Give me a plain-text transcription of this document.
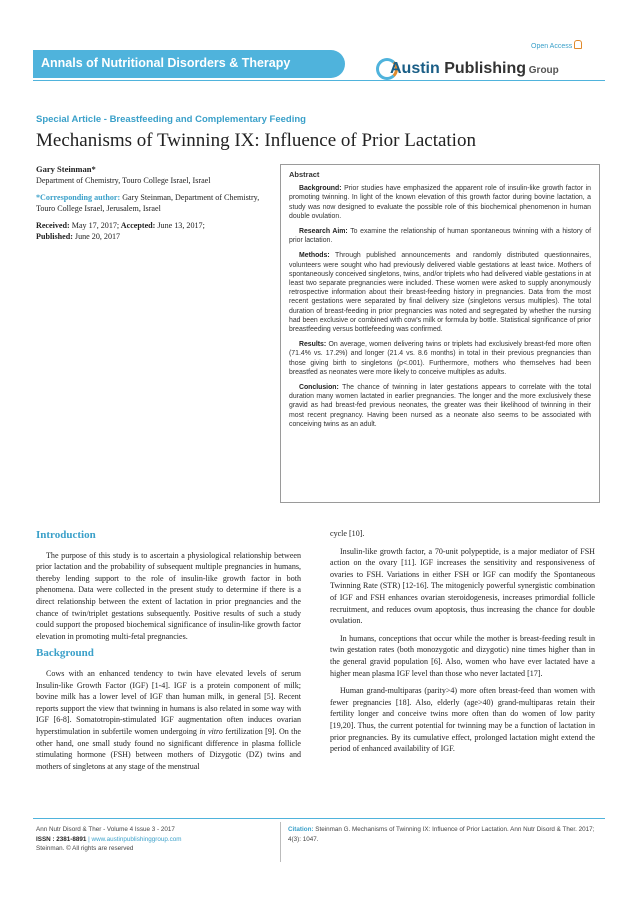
Open Access
Annals of Nutritional Disorders & Therapy	Austin Publishing Group
Special Article - Breastfeeding and Complementary Feeding
Mechanisms of Twinning IX: Influence of Prior Lactation
Gary Steinman*
Department of Chemistry, Touro College Israel, Israel
*Corresponding author: Gary Steinman, Department of Chemistry, Touro College Israel, Jerusalem, Israel
Received: May 17, 2017; Accepted: June 13, 2017;
Published: June 20, 2017
Abstract

Background: Prior studies have emphasized the apparent role of insulin-like growth factor in promoting twinning. In light of the known elevation of this growth factor during bovine lactation, a study was now designed to evaluate the possible role of this biochemical phenomenon in human double ovulation.

Research Aim: To examine the relationship of human spontaneous twinning with a history of prior lactation.

Methods: Through published announcements and randomly distributed questionnaires, volunteers were sought who had previously delivered viable gestations at least twice. Mothers of spontaneously conceived singletons, twins, and/or triplets who had delivered viable gestations in at least two separate pregnancies were included. These women were asked to supply anonymously retrospective information about their breast-feeding history in pregnancies. Data from the most recent gestations were separated by final delivery size (singletons versus multiples). The total duration of breast-feeding in prior pregnancies was noted and segregated by whether the nursing had been exclusive or combined with cow's milk or formula by bottle. Statistical significance of prior breastfeeding versus bottlefeeding was confirmed.

Results: On average, women delivering twins or triplets had exclusively breast-fed more often (71.4% vs. 17.2%) and longer (21.4 vs. 8.6 months) in total in their previous pregnancies than those giving birth to singletons (p<.001). Furthermore, mothers who themselves had been breastfed as neonates were more likely to conceive multiples as adults.

Conclusion: The chance of twinning in later gestations appears to correlate with the total duration many women lactated in earlier pregnancies. The longer and the more exclusively these gravid as had breast-fed previous neonates, the greater was their likelihood of twinning in their most recent pregnancy. Having been nursed as a neonate also seems to be associated with conceiving twins as an adult.

Introduction

The purpose of this study is to ascertain a physiological relationship between prior lactation and the probability of subsequent multiple pregnancies in humans, thereby lending support to the role of insulin-like growth factor in both phenomena. Data were collected in the present study to determine if there is a direct relationship between the extent of lactation in prior pregnancies and the chance of twin/triplet gestations subsequently. Positive results of such a study could support the proposed biochemical significance of insulin-like growth factor elevation in promoting multi-fetal pregnancies.

Background

Cows with an enhanced tendency to twin have elevated levels of serum Insulin-like Growth Factor (IGF) [1-4]. IGF is a protein component of milk; bovine milk has a lower level of IGF than human milk, in general [5]. Recent reports support the view that twinning in humans is also related in some way with IGF [6-8]. Somatotropin-stimulated IGF augmentation often induces ovarian hyperstimulation in subfertile women undergoing in vitro fertilization [9]. On the other hand, one small study found no significant difference in plasma follicle stimulating hormone (FSH) between mothers of Dizygotic (DZ) twins and mothers of singletons at any stage of the menstrual

cycle [10].

Insulin-like growth factor, a 70-unit polypeptide, is a major mediator of FSH action on the ovary [11]. IGF increases the sensitivity and responsiveness of ovaries to FSH. Variations in either FSH or IGF can modify the Spontaneous Twinning Rate (STR) [12-16]. The mitogenicly powerful synergistic combination of IGF and FSH enhances ovarian steroidogenesis, increases primordial follicle recruitment, and reduces ovum apoptosis, thus increasing the chance for double ovulation.

In humans, conceptions that occur while the mother is breast-feeding result in twin gestation rates (both monozygotic and dizygotic) nine times higher than in the general gravid population [6]. Also, women who have ever lactated have a higher mean plasma IGF level than those who never lactated [17].

Human grand-multiparas (parity>4) more often breast-feed than women with fewer pregnancies [18]. Also, elderly (age>40) grand-multiparas retain their fertility longer and conceive twins more often than do women of low parity [19,20]. Thus, the current potential for twinning may be a function of lactation in prior pregnancies. By its cumulative effect, prolonged lactation might extend the period of enhanced availability of IGF.

Ann Nutr Disord & Ther - Volume 4 Issue 3 - 2017
ISSN : 2381-8891 | www.austinpublishinggroup.com
Steinman. © All rights are reserved
Citation: Steinman G. Mechanisms of Twinning IX: Influence of Prior Lactation. Ann Nutr Disord & Ther. 2017; 4(3): 1047.
